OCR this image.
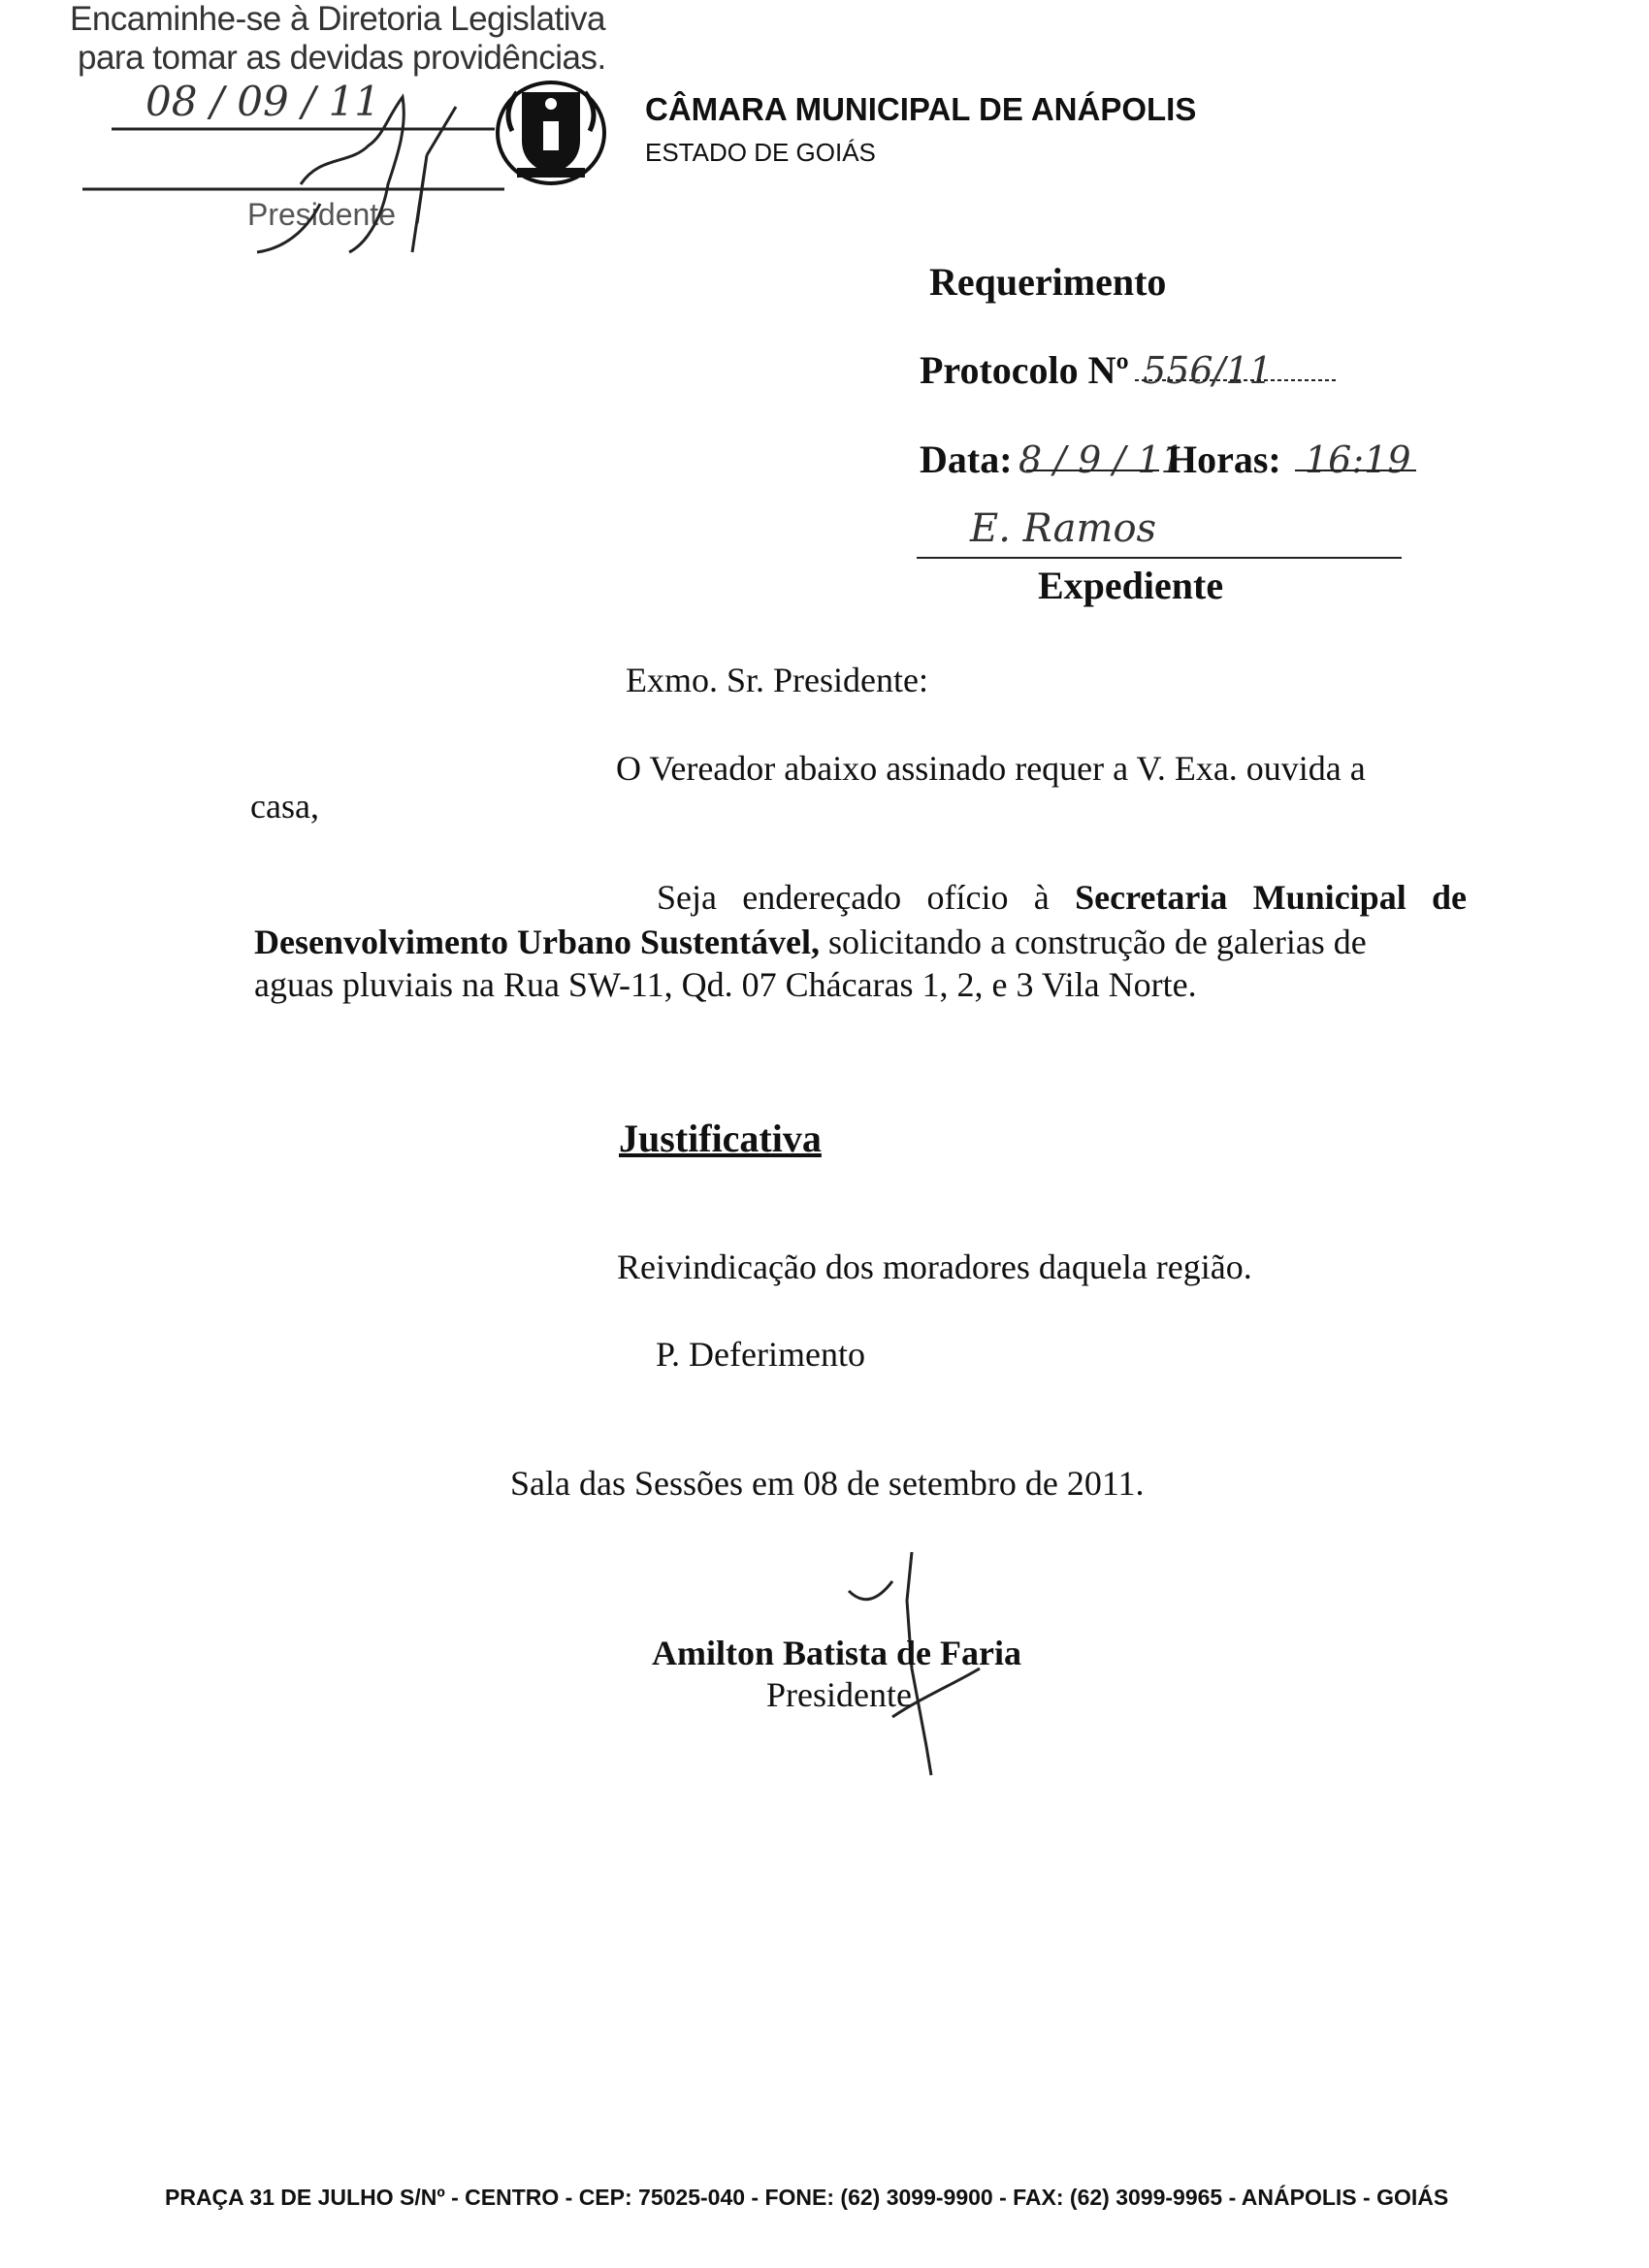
Encaminhe-se à Diretoria Legislativa
para tomar as devidas providências.
08 / 09 / 11
Presidente
CÂMARA MUNICIPAL DE ANÁPOLIS
ESTADO DE GOIÁS
Requerimento
Protocolo Nº 556/11
Data: 8 / 9 / 11
Horas: 16:19
E. Ramos
Expediente
Exmo. Sr. Presidente:
O Vereador abaixo assinado requer a V. Exa. ouvida a
casa,
Seja endereçado ofício à Secretaria Municipal de Desenvolvimento Urbano Sustentável, solicitando a construção de galerias de
aguas pluviais na Rua SW-11, Qd. 07 Chácaras 1, 2, e 3 Vila Norte.
Justificativa
Reivindicação dos moradores daquela região.
P. Deferimento
Sala das Sessões em 08 de setembro de 2011.
Amilton Batista de Faria
Presidente
PRAÇA 31 DE JULHO S/Nº - CENTRO - CEP: 75025-040 - FONE: (62) 3099-9900 - FAX: (62) 3099-9965 - ANÁPOLIS - GOIÁS
